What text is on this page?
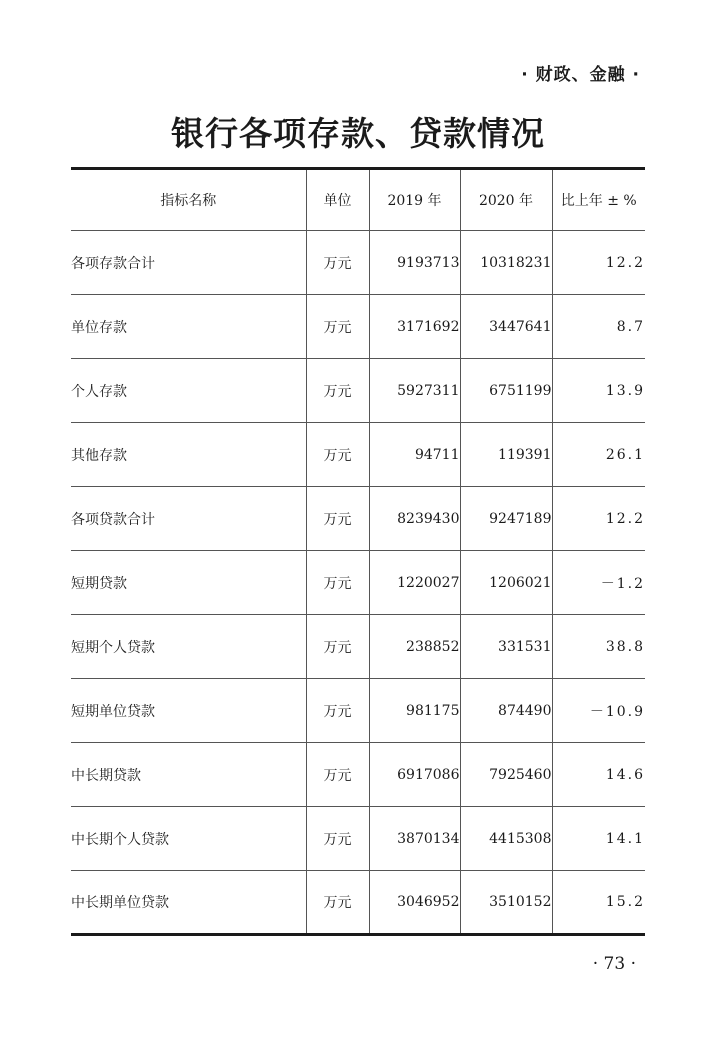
· 财政、金融 ·
银行各项存款、贷款情况
指标名称	单位	2019 年	2020 年	比上年 ± %
各项存款合计	万元	9193713	10318231	12.2
单位存款	万元	3171692	3447641	8.7
个人存款	万元	5927311	6751199	13.9
其他存款	万元	94711	119391	26.1
各项贷款合计	万元	8239430	9247189	12.2
短期贷款	万元	1220027	1206021	－1.2
短期个人贷款	万元	238852	331531	38.8
短期单位贷款	万元	981175	874490	－10.9
中长期贷款	万元	6917086	7925460	14.6
中长期个人贷款	万元	3870134	4415308	14.1
中长期单位贷款	万元	3046952	3510152	15.2
· 73 ·
